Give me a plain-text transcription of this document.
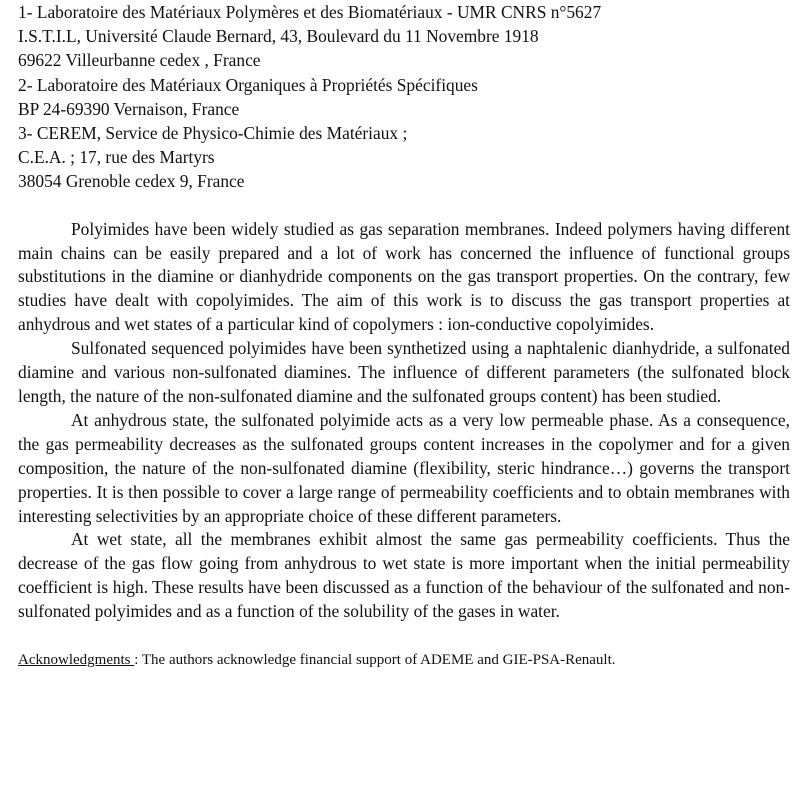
1- Laboratoire des Matériaux Polymères et des Biomatériaux - UMR CNRS n°5627
I.S.T.I.L, Université Claude Bernard, 43, Boulevard du 11 Novembre 1918
69622 Villeurbanne cedex , France
2- Laboratoire des Matériaux Organiques à Propriétés Spécifiques
BP 24-69390 Vernaison, France
3- CEREM, Service de Physico-Chimie des Matériaux ;
C.E.A. ; 17, rue des Martyrs
38054 Grenoble cedex 9, France

Polyimides have been widely studied as gas separation membranes. Indeed polymers having different main chains can be easily prepared and a lot of work has concerned the influence of functional groups substitutions in the diamine or dianhydride components on the gas transport properties. On the contrary, few studies have dealt with copolyimides. The aim of this work is to discuss the gas transport properties at anhydrous and wet states of a particular kind of copolymers : ion-conductive copolyimides.

Sulfonated sequenced polyimides have been synthetized using a naphtalenic dianhydride, a sulfonated diamine and various non-sulfonated diamines. The influence of different parameters (the sulfonated block length, the nature of the non-sulfonated diamine and the sulfonated groups content) has been studied.

At anhydrous state, the sulfonated polyimide acts as a very low permeable phase. As a consequence, the gas permeability decreases as the sulfonated groups content increases in the copolymer and for a given composition, the nature of the non-sulfonated diamine (flexibility, steric hindrance…) governs the transport properties. It is then possible to cover a large range of permeability coefficients and to obtain membranes with interesting selectivities by an appropriate choice of these different parameters.

At wet state, all the membranes exhibit almost the same gas permeability coefficients. Thus the decrease of the gas flow going from anhydrous to wet state is more important when the initial permeability coefficient is high. These results have been discussed as a function of the behaviour of the sulfonated and non-sulfonated polyimides and as a function of the solubility of the gases in water.

Acknowledgments : The authors acknowledge financial support of ADEME and GIE-PSA-Renault.
